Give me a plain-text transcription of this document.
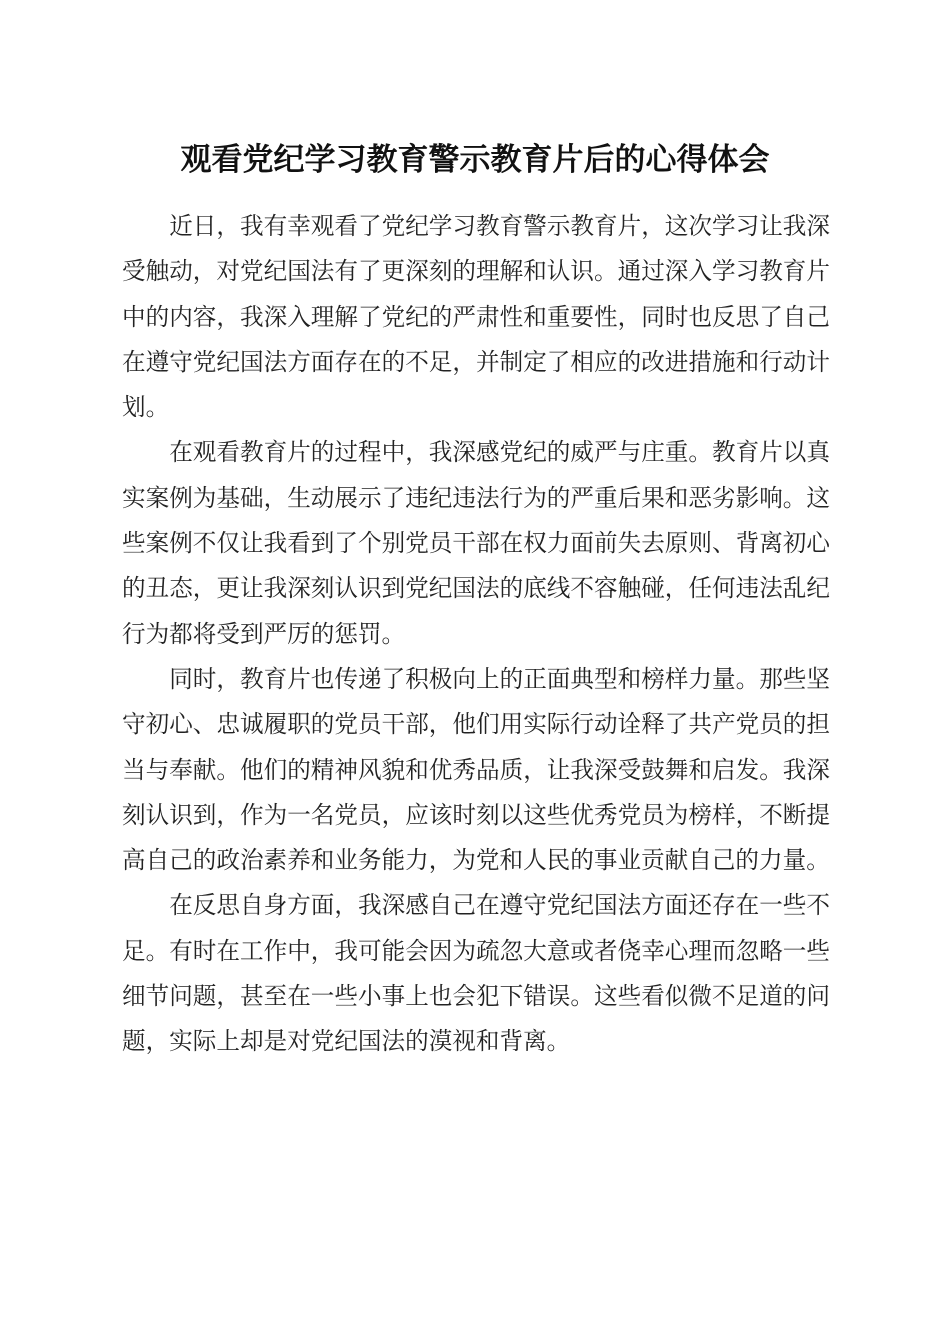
观看党纪学习教育警示教育片后的心得体会

近日，我有幸观看了党纪学习教育警示教育片，这次学习让我深受触动，对党纪国法有了更深刻的理解和认识。通过深入学习教育片中的内容，我深入理解了党纪的严肃性和重要性，同时也反思了自己在遵守党纪国法方面存在的不足，并制定了相应的改进措施和行动计划。

在观看教育片的过程中，我深感党纪的威严与庄重。教育片以真实案例为基础，生动展示了违纪违法行为的严重后果和恶劣影响。这些案例不仅让我看到了个别党员干部在权力面前失去原则、背离初心的丑态，更让我深刻认识到党纪国法的底线不容触碰，任何违法乱纪行为都将受到严厉的惩罚。

同时，教育片也传递了积极向上的正面典型和榜样力量。那些坚守初心、忠诚履职的党员干部，他们用实际行动诠释了共产党员的担当与奉献。他们的精神风貌和优秀品质，让我深受鼓舞和启发。我深刻认识到，作为一名党员，应该时刻以这些优秀党员为榜样，不断提高自己的政治素养和业务能力，为党和人民的事业贡献自己的力量。

在反思自身方面，我深感自己在遵守党纪国法方面还存在一些不足。有时在工作中，我可能会因为疏忽大意或者侥幸心理而忽略一些细节问题，甚至在一些小事上也会犯下错误。这些看似微不足道的问题，实际上却是对党纪国法的漠视和背离。
